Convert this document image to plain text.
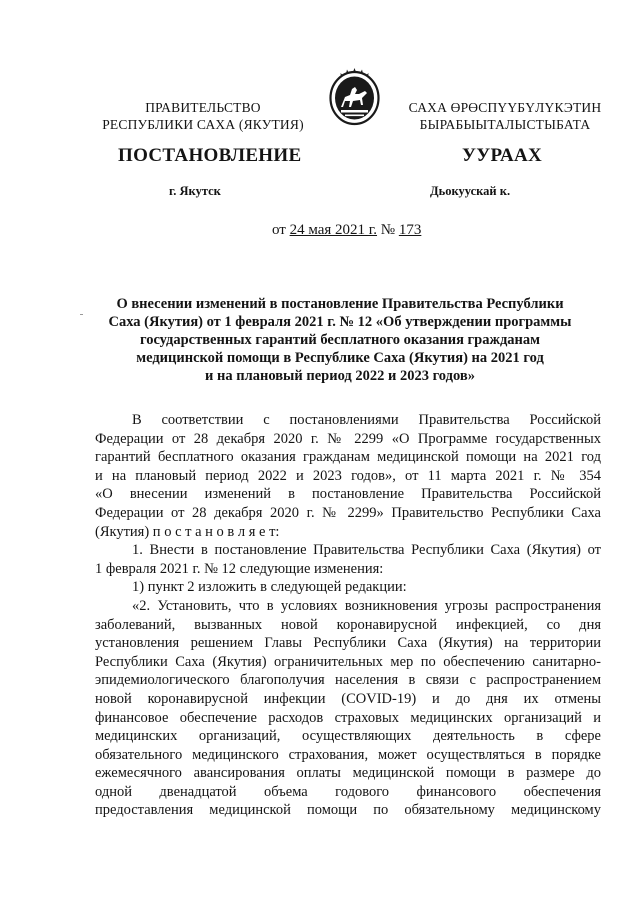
ПРАВИТЕЛЬСТВО
РЕСПУБЛИКИ САХА (ЯКУТИЯ)
САХА ӨРӨСПҮҮБҮЛҮКЭТИН
БЫРАБЫЫТАЛЫСТЫБАТА
ПОСТАНОВЛЕНИЕ	УУРААХ
г. Якутск	Дьокуускай к.
от 24 мая 2021 г. № 173
О внесении изменений в постановление Правительства Республики
Саха (Якутия) от 1 февраля 2021 г. № 12 «Об утверждении программы
государственных гарантий бесплатного оказания гражданам
медицинской помощи в Республике Саха (Якутия) на 2021 год
и на плановый период 2022 и 2023 годов»
В соответствии с постановлениями Правительства Российской
Федерации от 28 декабря 2020 г. № 2299 «О Программе государственных
гарантий бесплатного оказания гражданам медицинской помощи на 2021 год
и на плановый период 2022 и 2023 годов», от 11 марта 2021 г. № 354
«О внесении изменений в постановление Правительства Российской
Федерации от 28 декабря 2020 г. № 2299» Правительство Республики Саха
(Якутия) п о с т а н о в л я е т:
1. Внести в постановление Правительства Республики Саха (Якутия) от
1 февраля 2021 г. № 12 следующие изменения:
1) пункт 2 изложить в следующей редакции:
«2. Установить, что в условиях возникновения угрозы распространения
заболеваний, вызванных новой коронавирусной инфекцией, со дня
установления решением Главы Республики Саха (Якутия) на территории
Республики Саха (Якутия) ограничительных мер по обеспечению санитарно-
эпидемиологического благополучия населения в связи с распространением
новой коронавирусной инфекции (COVID-19) и до дня их отмены
финансовое обеспечение расходов страховых медицинских организаций и
медицинских организаций, осуществляющих деятельность в сфере
обязательного медицинского страхования, может осуществляться в порядке
ежемесячного авансирования оплаты медицинской помощи в размере до
одной двенадцатой объема годового финансового обеспечения
предоставления медицинской помощи по обязательному медицинскому
